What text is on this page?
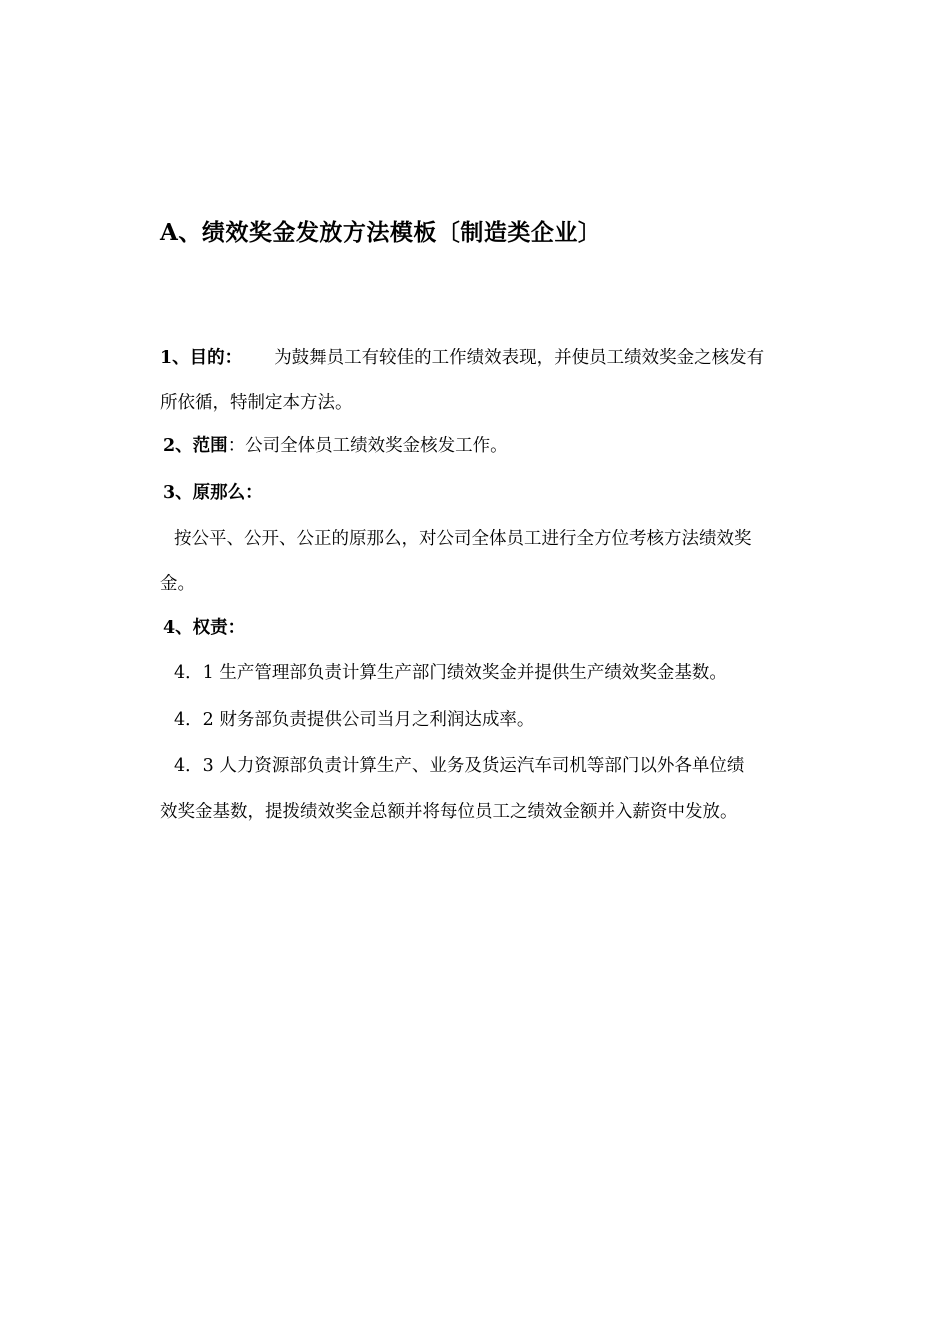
A、绩效奖金发放方法模板〔制造类企业〕
1、目的： 为鼓舞员工有较佳的工作绩效表现，并使员工绩效奖金之核发有
所依循，特制定本方法。
2、范围：公司全体员工绩效奖金核发工作。
3、原那么：
按公平、公开、公正的原那么，对公司全体员工进行全方位考核方法绩效奖
金。
4、权责：
4．1 生产管理部负责计算生产部门绩效奖金并提供生产绩效奖金基数。
4．2 财务部负责提供公司当月之利润达成率。
4．3 人力资源部负责计算生产、业务及货运汽车司机等部门以外各单位绩
效奖金基数，提拨绩效奖金总额并将每位员工之绩效金额并入薪资中发放。
